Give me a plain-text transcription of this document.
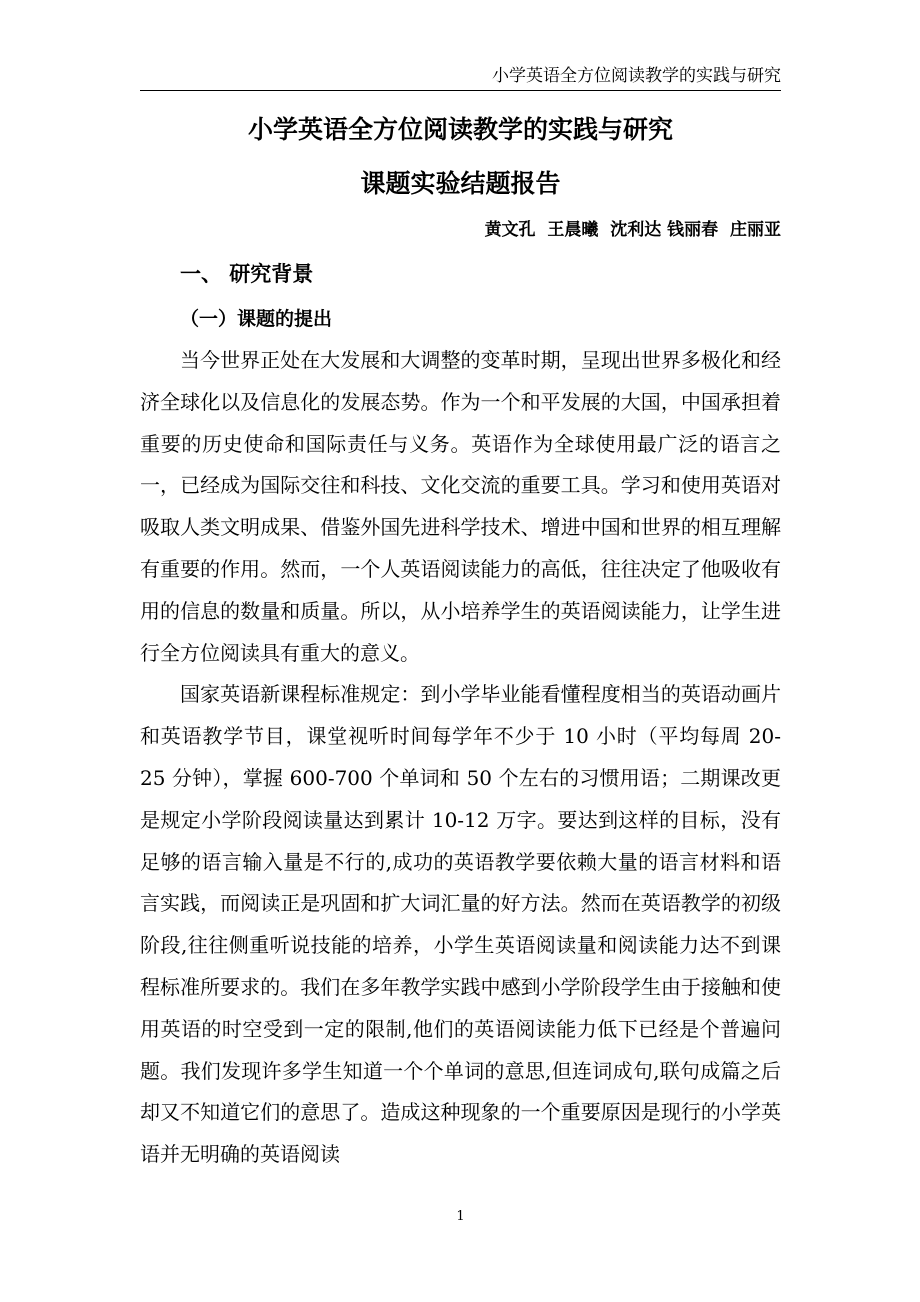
小学英语全方位阅读教学的实践与研究
小学英语全方位阅读教学的实践与研究
课题实验结题报告
黄文孔  王晨曦  沈利达 钱丽春  庄丽亚
一、 研究背景
（一）课题的提出

当今世界正处在大发展和大调整的变革时期，呈现出世界多极化和经济全球化以及信息化的发展态势。作为一个和平发展的大国，中国承担着重要的历史使命和国际责任与义务。英语作为全球使用最广泛的语言之一，已经成为国际交往和科技、文化交流的重要工具。学习和使用英语对吸取人类文明成果、借鉴外国先进科学技术、增进中国和世界的相互理解有重要的作用。然而，一个人英语阅读能力的高低，往往决定了他吸收有用的信息的数量和质量。所以，从小培养学生的英语阅读能力，让学生进行全方位阅读具有重大的意义。

国家英语新课程标准规定：到小学毕业能看懂程度相当的英语动画片和英语教学节目，课堂视听时间每学年不少于 10 小时（平均每周 20-25 分钟），掌握 600-700 个单词和 50 个左右的习惯用语；二期课改更是规定小学阶段阅读量达到累计 10-12 万字。要达到这样的目标，没有足够的语言输入量是不行的,成功的英语教学要依赖大量的语言材料和语言实践，而阅读正是巩固和扩大词汇量的好方法。然而在英语教学的初级阶段,往往侧重听说技能的培养，小学生英语阅读量和阅读能力达不到课程标准所要求的。我们在多年教学实践中感到小学阶段学生由于接触和使用英语的时空受到一定的限制,他们的英语阅读能力低下已经是个普遍问题。我们发现许多学生知道一个个单词的意思,但连词成句,联句成篇之后却又不知道它们的意思了。造成这种现象的一个重要原因是现行的小学英语并无明确的英语阅读

1
